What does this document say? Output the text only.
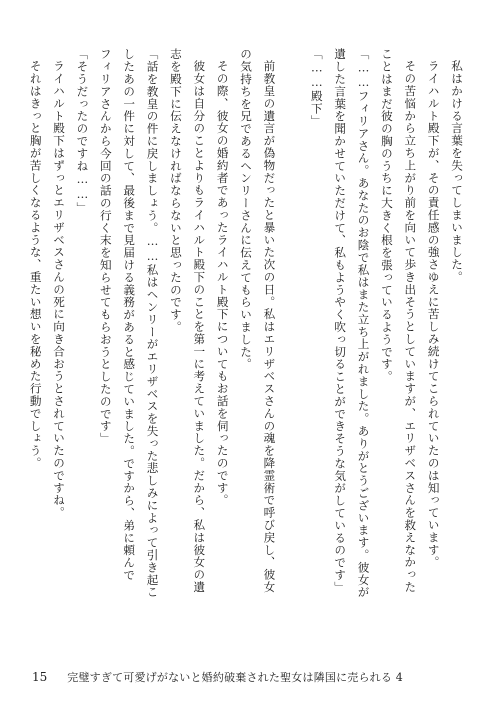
私はかける言葉を失ってしまいました。
ライハルト殿下が、その責任感の強さゆえに苦しみ続けてこられていたのは知っています。
その苦悩から立ち上がり前を向いて歩き出そうとしていますが、エリザベスさんを救えなかった
ことはまだ彼の胸のうちに大きく根を張っているようです。
「……フィリアさん。あなたのお陰で私はまた立ち上がれました。ありがとうございます。彼女が
遺した言葉を聞かせていただけて、私もようやく吹っ切ることができそうな気がしているのです」
「……殿下」
前教皇の遺言が偽物だったと暴いた次の日。私はエリザベスさんの魂を降霊術で呼び戻し、彼女
の気持ちを兄であるヘンリーさんに伝えてもらいました。
その際、彼女の婚約者であったライハルト殿下についてもお話を伺ったのです。
彼女は自分のことよりもライハルト殿下のことを第一に考えていました。だから、私は彼女の遺
志を殿下に伝えなければならないと思ったのです。
「話を教皇の件に戻しましょう。……私はヘンリーがエリザベスを失った悲しみによって引き起こ
したあの一件に対して、最後まで見届ける義務があると感じていました。ですから、弟に頼んで
フィリアさんから今回の話の行く末を知らせてもらおうとしたのです」
「そうだったのですね……」
ライハルト殿下はずっとエリザベスさんの死に向き合おうとされていたのですね。
それはきっと胸が苦しくなるような、重たい想いを秘めた行動でしょう。
15 完璧すぎて可愛げがないと婚約破棄された聖女は隣国に売られる 4
